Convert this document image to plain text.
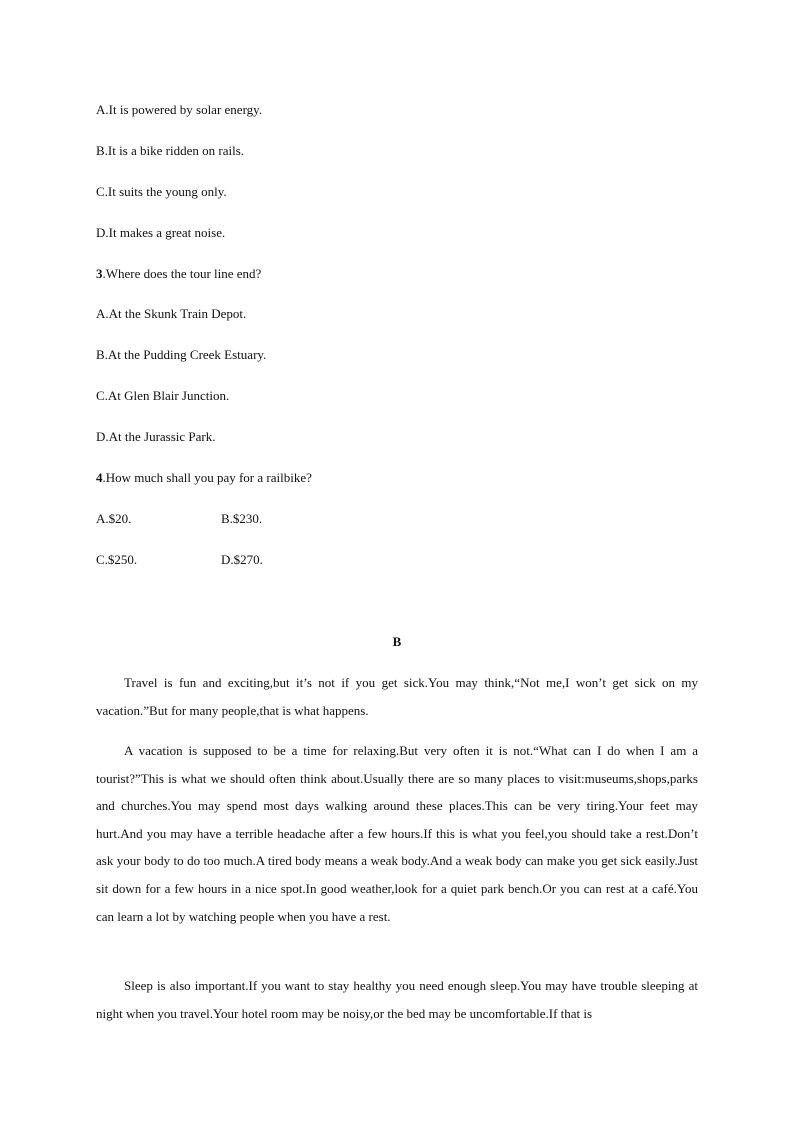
A.It is powered by solar energy.
B.It is a bike ridden on rails.
C.It suits the young only.
D.It makes a great noise.
3.Where does the tour line end?
A.At the Skunk Train Depot.
B.At the Pudding Creek Estuary.
C.At Glen Blair Junction.
D.At the Jurassic Park.
4.How much shall you pay for a railbike?
A.$20.	B.$230.
C.$250.	D.$270.
B
Travel is fun and exciting,but it’s not if you get sick.You may think,“Not me,I won’t get sick on my vacation.”But for many people,that is what happens.
A vacation is supposed to be a time for relaxing.But very often it is not.“What can I do when I am a tourist?”This is what we should often think about.Usually there are so many places to visit:museums,shops,parks and churches.You may spend most days walking around these places.This can be very tiring.Your feet may hurt.And you may have a terrible headache after a few hours.If this is what you feel,you should take a rest.Don’t ask your body to do too much.A tired body means a weak body.And a weak body can make you get sick easily.Just sit down for a few hours in a nice spot.In good weather,look for a quiet park bench.Or you can rest at a café.You can learn a lot by watching people when you have a rest.
Sleep is also important.If you want to stay healthy you need enough sleep.You may have trouble sleeping at night when you travel.Your hotel room may be noisy,or the bed may be uncomfortable.If that is
